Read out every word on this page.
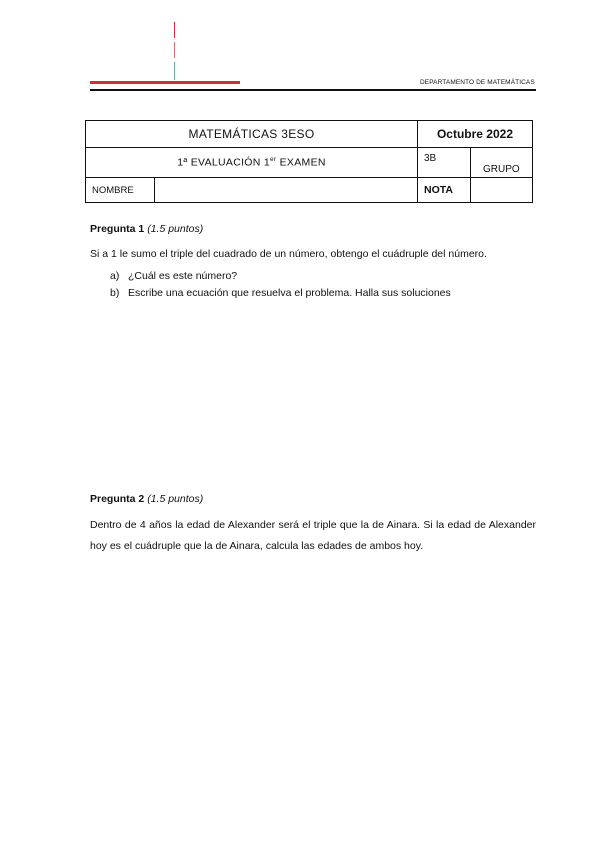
DEPARTAMENTO DE MATEMÁTICAS
MATEMÁTICAS 3ESO		Octubre 2022	
1ª EVALUACIÓN 1er EXAMEN		3B	GRUPO
NOMBRE		NOTA	
Pregunta 1 (1.5 puntos)
Si a 1 le sumo el triple del cuadrado de un número, obtengo el cuádruple del número.
a) ¿Cuál es este número?
b) Escribe una ecuación que resuelva el problema. Halla sus soluciones
Pregunta 2 (1.5 puntos)
Dentro de 4 años la edad de Alexander será el triple que la de Ainara. Si la edad de Alexander hoy es el cuádruple que la de Ainara, calcula las edades de ambos hoy.
